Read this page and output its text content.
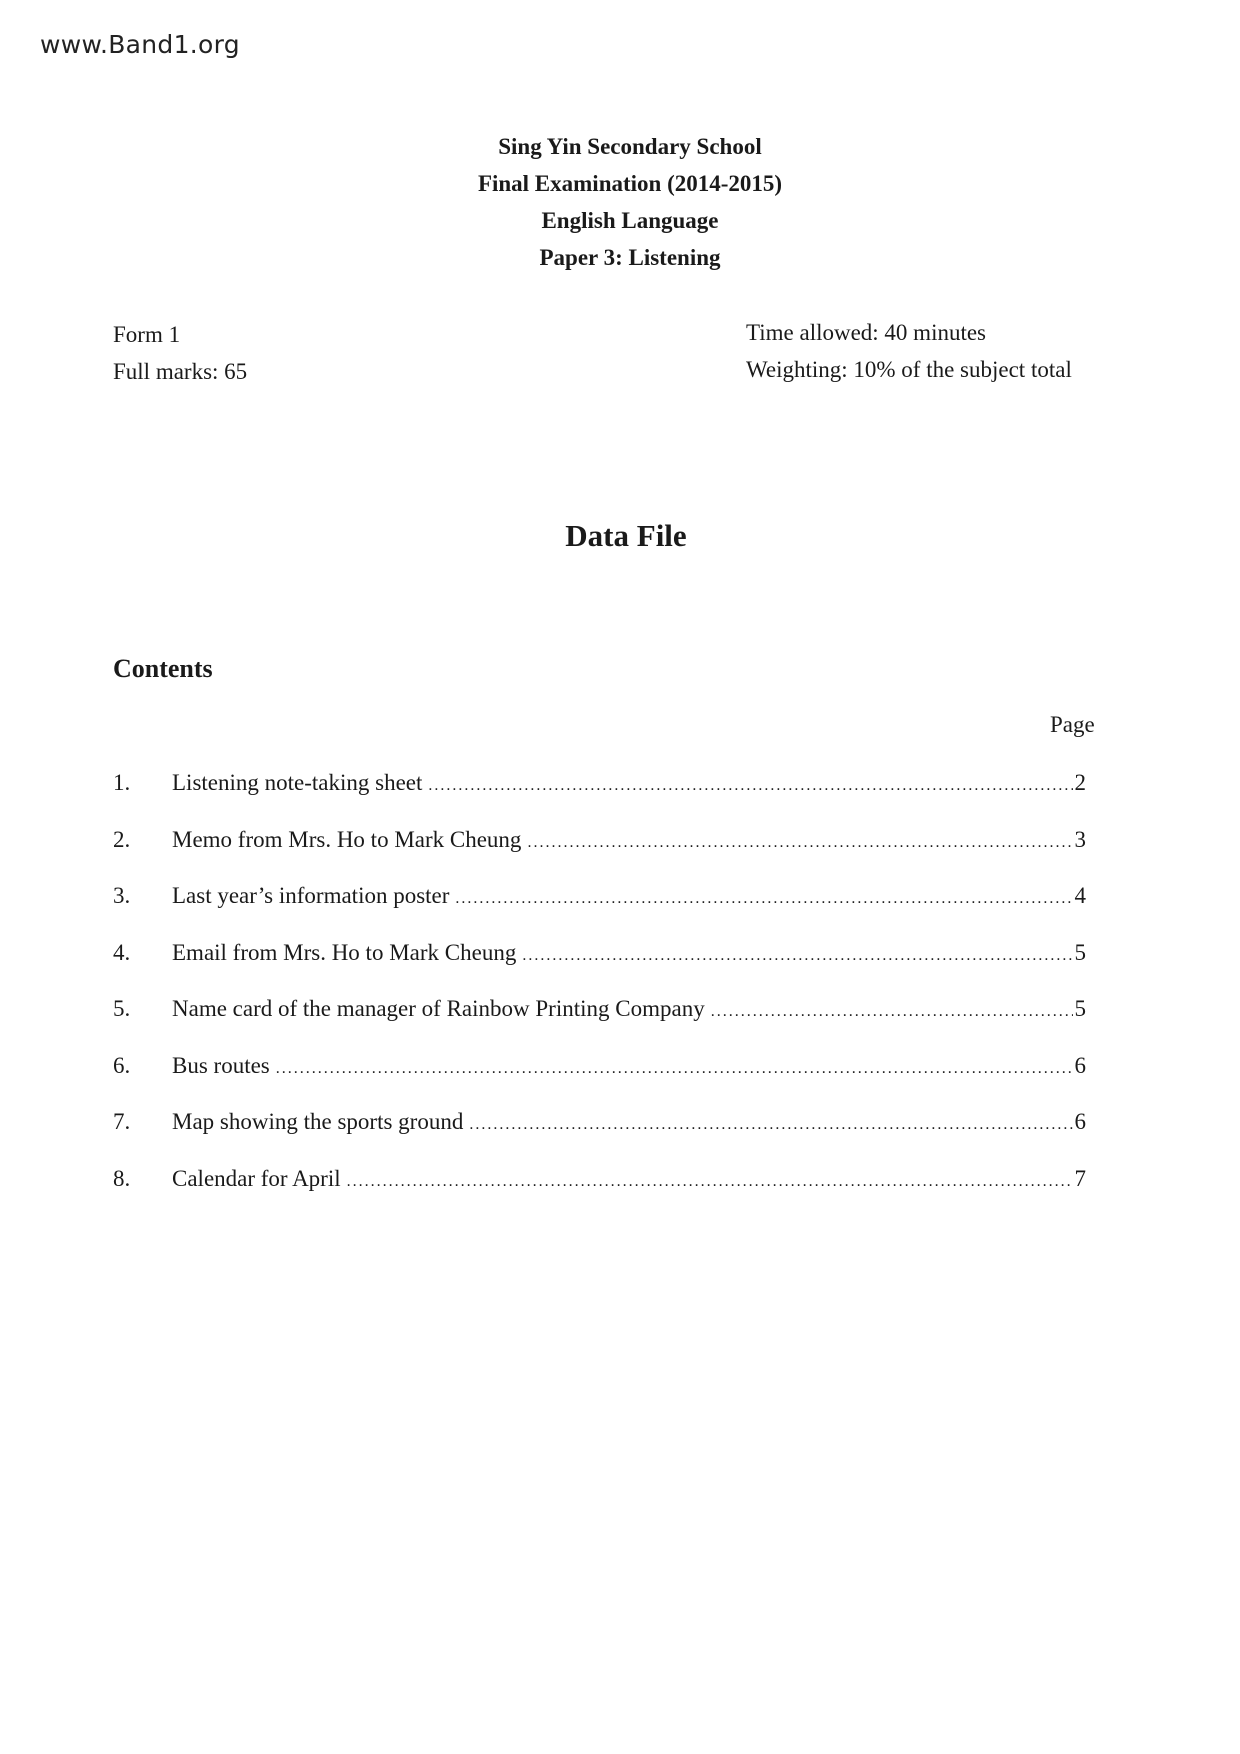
www.Band1.org
Sing Yin Secondary School
Final Examination (2014-2015)
English Language
Paper 3: Listening
Form 1
Full marks: 65
Time allowed: 40 minutes
Weighting: 10% of the subject total
Data File
Contents
Page
1.	Listening note-taking sheet .....	2
2.	Memo from Mrs. Ho to Mark Cheung .....	3
3.	Last year’s information poster .....	4
4.	Email from Mrs. Ho to Mark Cheung .....	5
5.	Name card of the manager of Rainbow Printing Company .....	5
6.	Bus routes .....	6
7.	Map showing the sports ground .....	6
8.	Calendar for April .....	7
